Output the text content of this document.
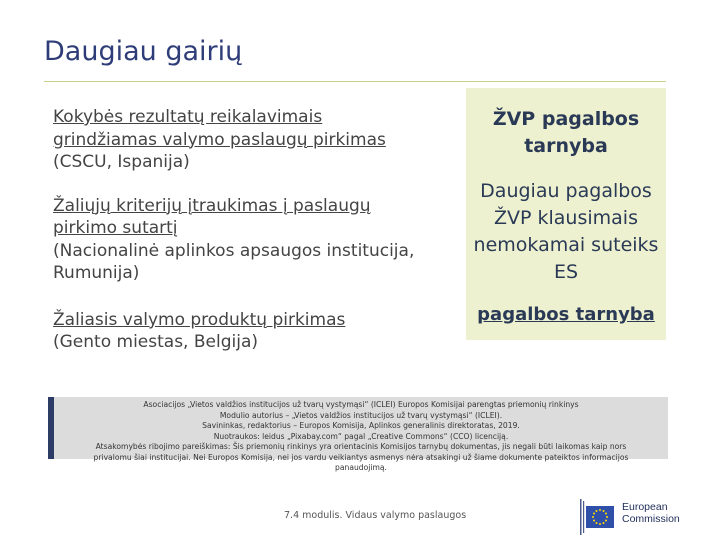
Daugiau gairių

Kokybės rezultatų reikalavimais
grindžiamas valymo paslaugų pirkimas
(CSCU, Ispanija)

Žaliųjų kriterijų įtraukimas į paslaugų
pirkimo sutartį
(Nacionalinė aplinkos apsaugos institucija, Rumunija)

Žaliasis valymo produktų pirkimas
(Gento miestas, Belgija)

ŽVP pagalbos tarnyba
Daugiau pagalbos ŽVP klausimais nemokamai suteiks ES
pagalbos tarnyba
Asociacijos „Vietos valdžios institucijos už tvarų vystymąsi“ (ICLEI) Europos Komisijai parengtas priemonių rinkinys
Modulio autorius – „Vietos valdžios institucijos už tvarų vystymąsi“ (ICLEI).
Savininkas, redaktorius – Europos Komisija, Aplinkos generalinis direktoratas, 2019.
Nuotraukos: leidus „Pixabay.com“ pagal „Creative Commons“ (CCO) licenciją.
Atsakomybės ribojimo pareiškimas: Šis priemonių rinkinys yra orientacinis Komisijos tarnybų dokumentas, jis negali būti laikomas kaip nors
privalomu šiai institucijai. Nei Europos Komisija, nei jos vardu veikiantys asmenys nėra atsakingi už šiame dokumente pateiktos informacijos
panaudojimą.
7.4 modulis. Vidaus valymo paslaugos
European
Commission
